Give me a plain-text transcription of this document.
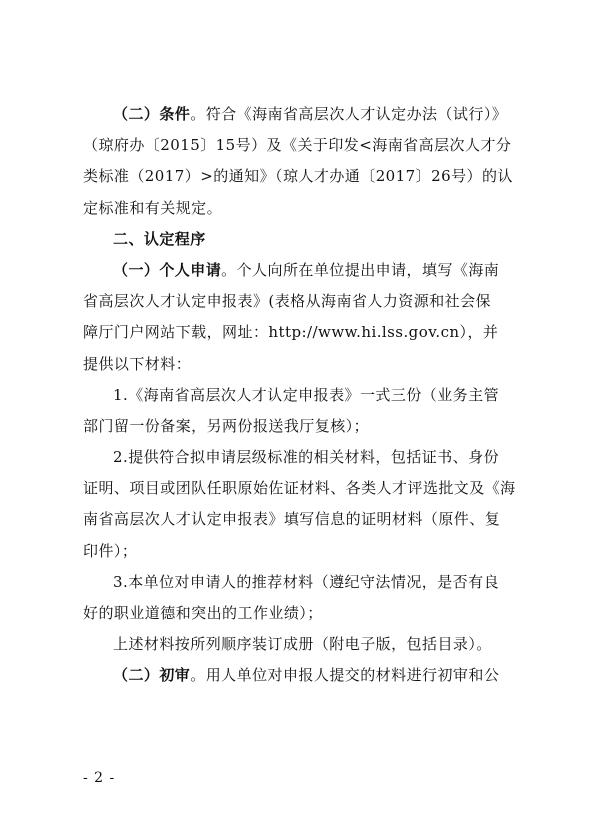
（二）条件。符合《海南省高层次人才认定办法（试行）》
（琼府办〔2015〕15号）及《关于印发<海南省高层次人才分
类标准（2017）>的通知》（琼人才办通〔2017〕26号）的认
定标准和有关规定。
二、认定程序
（一）个人申请。个人向所在单位提出申请，填写《海南
省高层次人才认定申报表》(表格从海南省人力资源和社会保
障厅门户网站下载，网址：http://www.hi.lss.gov.cn），并
提供以下材料：
1.《海南省高层次人才认定申报表》一式三份（业务主管
部门留一份备案，另两份报送我厅复核）；
2.提供符合拟申请层级标准的相关材料，包括证书、身份
证明、项目或团队任职原始佐证材料、各类人才评选批文及《海
南省高层次人才认定申报表》填写信息的证明材料（原件、复
印件）；
3.本单位对申请人的推荐材料（遵纪守法情况，是否有良
好的职业道德和突出的工作业绩）；
上述材料按所列顺序装订成册（附电子版，包括目录）。
（二）初审。用人单位对申报人提交的材料进行初审和公
- 2 -
